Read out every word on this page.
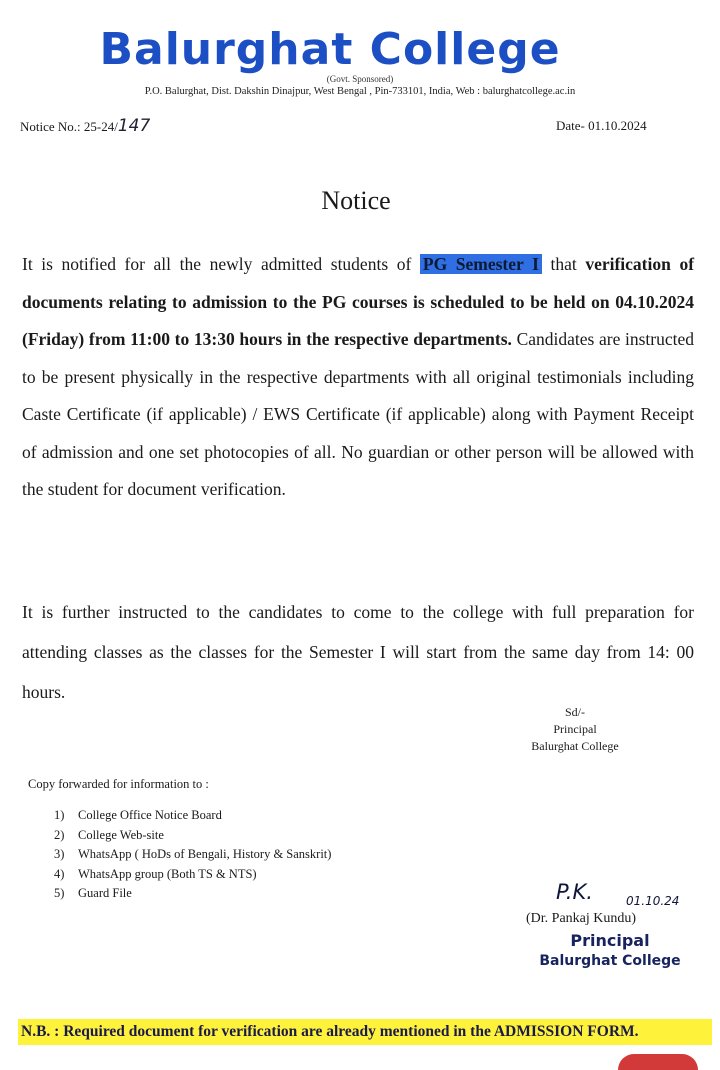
Balurghat College
(Govt. Sponsored)
P.O. Balurghat, Dist. Dakshin Dinajpur, West Bengal , Pin-733101, India, Web : balurghatcollege.ac.in
Notice No.: 25-24/147	Date- 01.10.2024
Notice

It is notified for all the newly admitted students of PG Semester I that verification of documents relating to admission to the PG courses is scheduled to be held on 04.10.2024 (Friday) from 11:00 to 13:30 hours in the respective departments. Candidates are instructed to be present physically in the respective departments with all original testimonials including Caste Certificate (if applicable) / EWS Certificate (if applicable) along with Payment Receipt of admission and one set photocopies of all. No guardian or other person will be allowed with the student for document verification.

It is further instructed to the candidates to come to the college with full preparation for attending classes as the classes for the Semester I will start from the same day from 14: 00 hours.

Sd/-
Principal
Balurghat College
Copy forwarded for information to :
1) College Office Notice Board
2) College Web-site
3) WhatsApp ( HoDs of Bengali, History & Sanskrit)
4) WhatsApp group (Both TS & NTS)
5) Guard File	P.K.	01.10.24
(Dr. Pankaj Kundu)
Principal
Balurghat College
N.B. : Required document for verification are already mentioned in the ADMISSION FORM.
